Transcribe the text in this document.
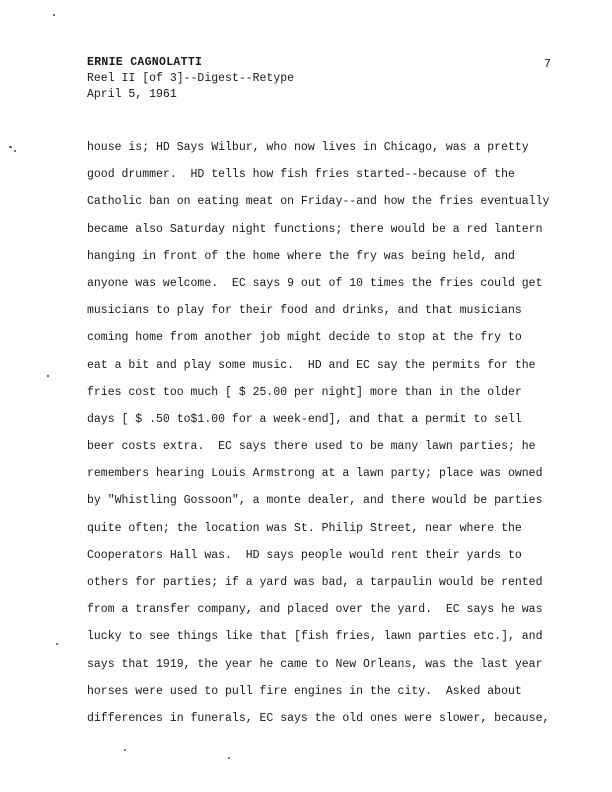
ERNIE CAGNOLATTI
Reel II [of 3]--Digest--Retype
April 5, 1961
7
house is; HD Says Wilbur, who now lives in Chicago, was a pretty
good drummer.  HD tells how fish fries started--because of the
Catholic ban on eating meat on Friday--and how the fries eventually
became also Saturday night functions; there would be a red lantern
hanging in front of the home where the fry was being held, and
anyone was welcome.  EC says 9 out of 10 times the fries could get
musicians to play for their food and drinks, and that musicians
coming home from another job might decide to stop at the fry to
eat a bit and play some music.  HD and EC say the permits for the
fries cost too much [ $ 25.00 per night] more than in the older
days [ $ .50 to$1.00 for a week-end], and that a permit to sell
beer costs extra.  EC says there used to be many lawn parties; he
remembers hearing Louis Armstrong at a lawn party; place was owned
by "Whistling Gossoon", a monte dealer, and there would be parties
quite often; the location was St. Philip Street, near where the
Cooperators Hall was.  HD says people would rent their yards to
others for parties; if a yard was bad, a tarpaulin would be rented
from a transfer company, and placed over the yard.  EC says he was
lucky to see things like that [fish fries, lawn parties etc.], and
says that 1919, the year he came to New Orleans, was the last year
horses were used to pull fire engines in the city.  Asked about
differences in funerals, EC says the old ones were slower, because,
